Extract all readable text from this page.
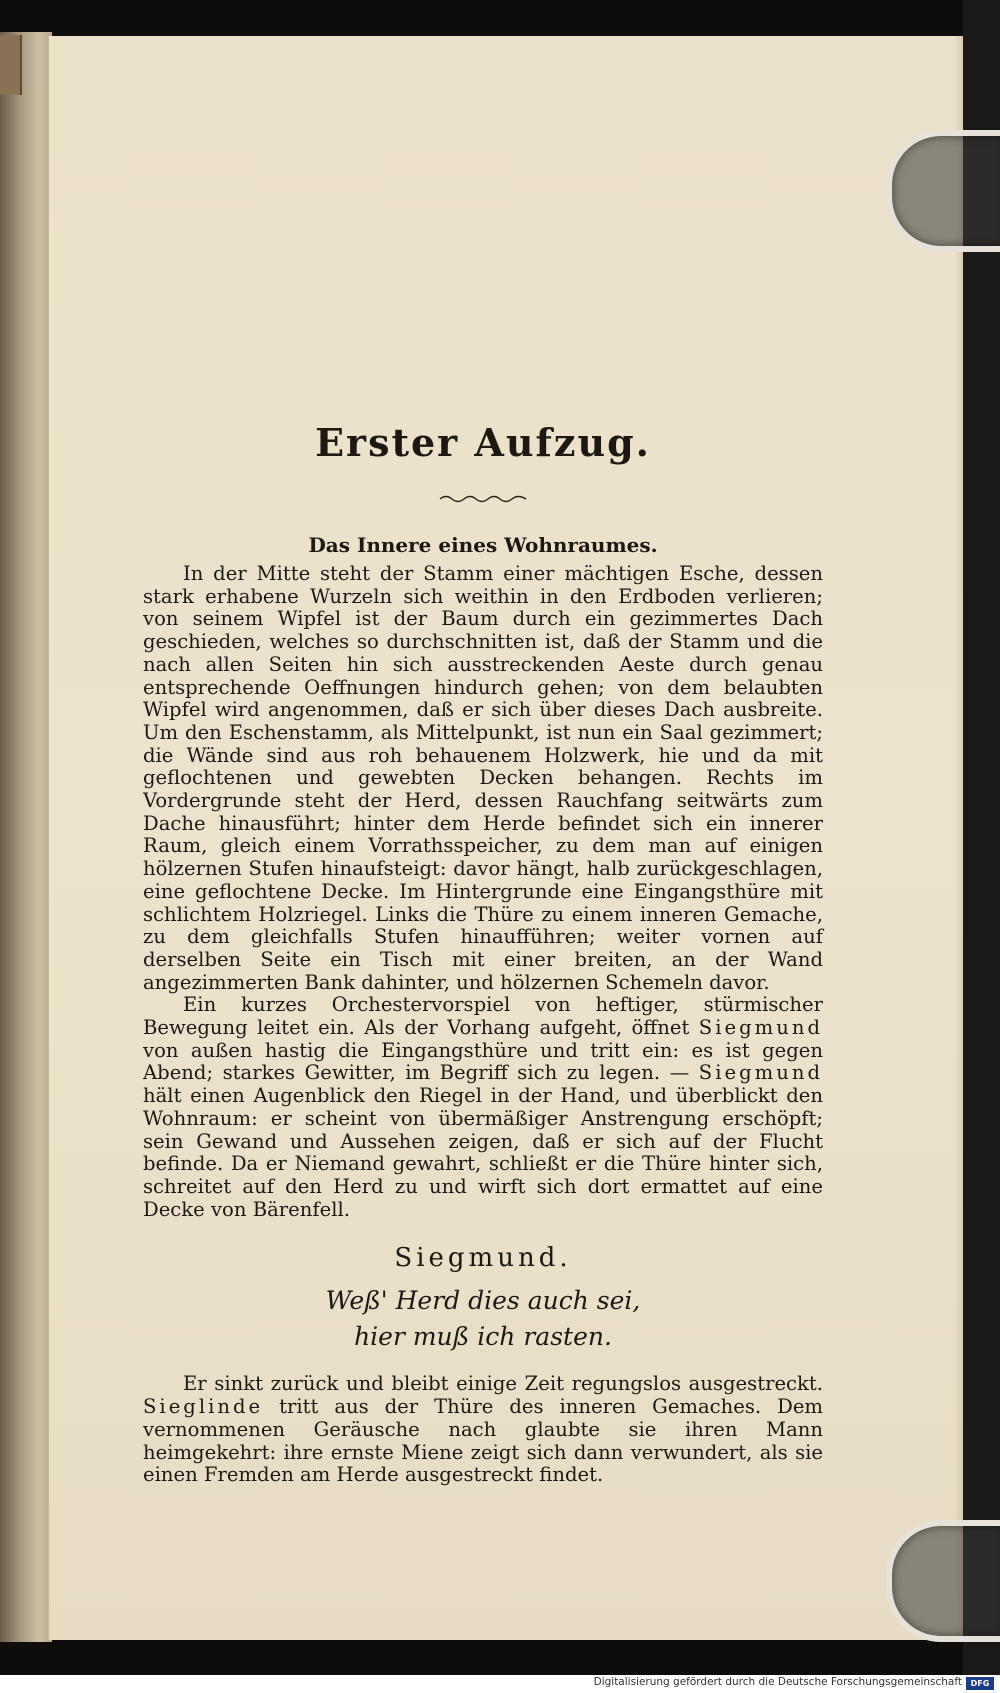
Erster Aufzug.
Das Innere eines Wohnraumes.

In der Mitte steht der Stamm einer mächtigen Esche, dessen stark erhabene Wurzeln sich weithin in den Erdboden verlieren; von seinem Wipfel ist der Baum durch ein gezimmertes Dach geschieden, welches so durchschnitten ist, daß der Stamm und die nach allen Seiten hin sich ausstreckenden Aeste durch genau entsprechende Oeffnungen hindurch gehen; von dem belaubten Wipfel wird angenommen, daß er sich über dieses Dach ausbreite. Um den Eschenstamm, als Mittelpunkt, ist nun ein Saal gezimmert; die Wände sind aus roh behauenem Holzwerk, hie und da mit geflochtenen und gewebten Decken behangen. Rechts im Vordergrunde steht der Herd, dessen Rauchfang seitwärts zum Dache hinausführt; hinter dem Herde befindet sich ein innerer Raum, gleich einem Vorrathsspeicher, zu dem man auf einigen hölzernen Stufen hinaufsteigt: davor hängt, halb zurückgeschlagen, eine geflochtene Decke. Im Hintergrunde eine Eingangsthüre mit schlichtem Holzriegel. Links die Thüre zu einem inneren Gemache, zu dem gleichfalls Stufen hinaufführen; weiter vornen auf derselben Seite ein Tisch mit einer breiten, an der Wand angezimmerten Bank dahinter, und hölzernen Schemeln davor.

Ein kurzes Orchestervorspiel von heftiger, stürmischer Bewegung leitet ein. Als der Vorhang aufgeht, öffnet Siegmund von außen hastig die Eingangsthüre und tritt ein: es ist gegen Abend; starkes Gewitter, im Begriff sich zu legen. — Siegmund hält einen Augenblick den Riegel in der Hand, und überblickt den Wohnraum: er scheint von übermäßiger Anstrengung erschöpft; sein Gewand und Aussehen zeigen, daß er sich auf der Flucht befinde. Da er Niemand gewahrt, schließt er die Thüre hinter sich, schreitet auf den Herd zu und wirft sich dort ermattet auf eine Decke von Bärenfell.

Siegmund.

Weß' Herd dies auch sei,

hier muß ich rasten.

Er sinkt zurück und bleibt einige Zeit regungslos ausgestreckt. Sieglinde tritt aus der Thüre des inneren Gemaches. Dem vernommenen Geräusche nach glaubte sie ihren Mann heimgekehrt: ihre ernste Miene zeigt sich dann verwundert, als sie einen Fremden am Herde ausgestreckt findet.

Digitalisierung gefördert durch die Deutsche Forschungsgemeinschaft	DFG
